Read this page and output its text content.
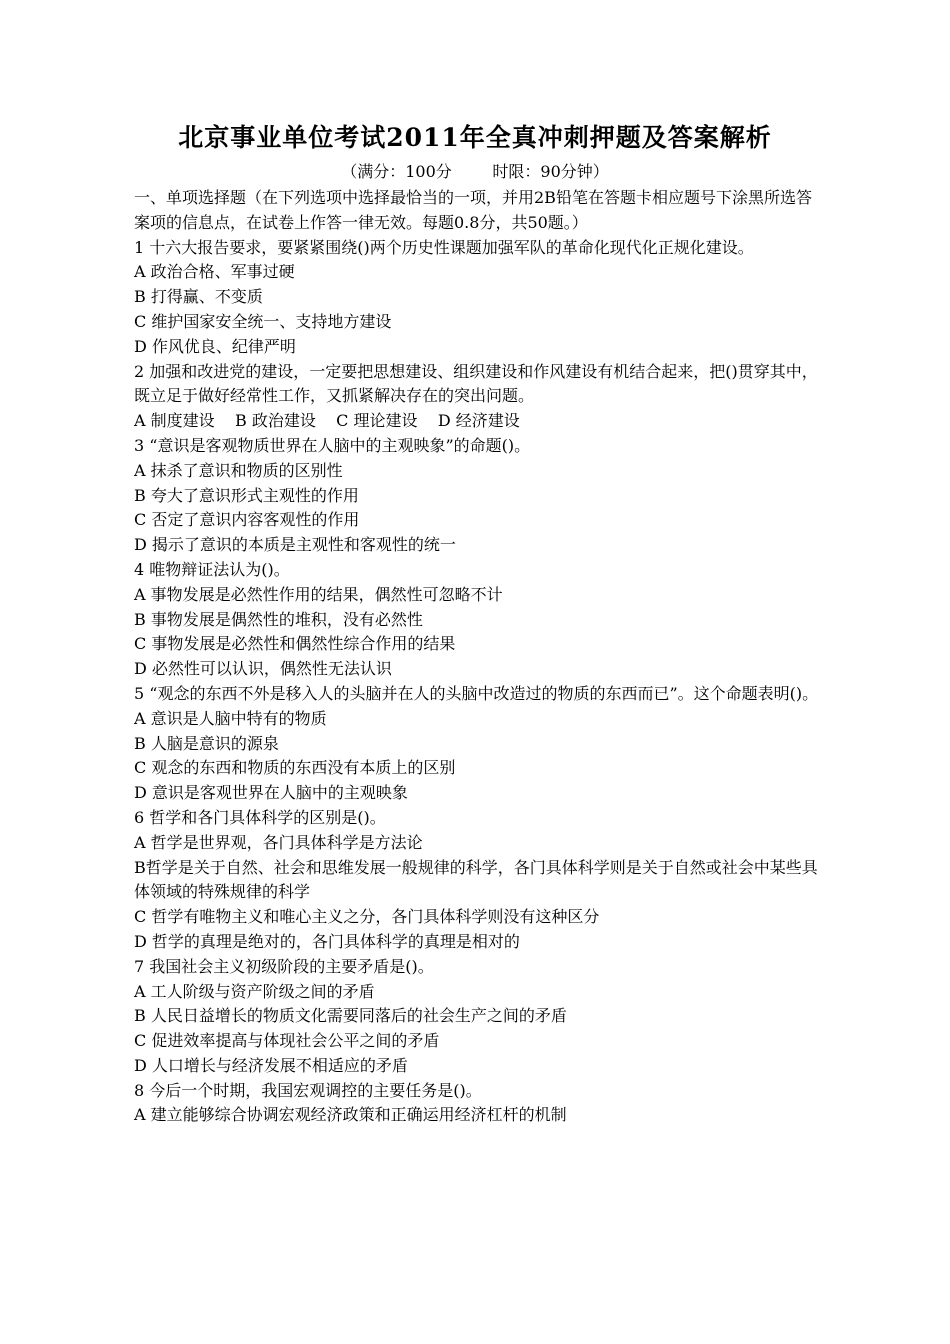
北京事业单位考试2011年全真冲刺押题及答案解析
（满分：100分        时限：90分钟）
一、单项选择题（在下列选项中选择最恰当的一项，并用2B铅笔在答题卡相应题号下涂黑所选答案项的信息点，在试卷上作答一律无效。每题0.8分，共50题。）
1 十六大报告要求，要紧紧围绕()两个历史性课题加强军队的革命化现代化正规化建设。
A 政治合格、军事过硬
B 打得赢、不变质
C 维护国家安全统一、支持地方建设
D 作风优良、纪律严明
2 加强和改进党的建设，一定要把思想建设、组织建设和作风建设有机结合起来，把()贯穿其中，既立足于做好经常性工作，又抓紧解决存在的突出问题。
A 制度建设    B 政治建设    C 理论建设    D 经济建设
3 “意识是客观物质世界在人脑中的主观映象”的命题()。
A 抹杀了意识和物质的区别性
B 夸大了意识形式主观性的作用
C 否定了意识内容客观性的作用
D 揭示了意识的本质是主观性和客观性的统一
4 唯物辩证法认为()。
A 事物发展是必然性作用的结果，偶然性可忽略不计
B 事物发展是偶然性的堆积，没有必然性
C 事物发展是必然性和偶然性综合作用的结果
D 必然性可以认识，偶然性无法认识
5 “观念的东西不外是移入人的头脑并在人的头脑中改造过的物质的东西而已”。这个命题表明()。
A 意识是人脑中特有的物质
B 人脑是意识的源泉
C 观念的东西和物质的东西没有本质上的区别
D 意识是客观世界在人脑中的主观映象
6 哲学和各门具体科学的区别是()。
A 哲学是世界观，各门具体科学是方法论
B哲学是关于自然、社会和思维发展一般规律的科学，各门具体科学则是关于自然或社会中某些具体领域的特殊规律的科学
C 哲学有唯物主义和唯心主义之分，各门具体科学则没有这种区分
D 哲学的真理是绝对的，各门具体科学的真理是相对的
7 我国社会主义初级阶段的主要矛盾是()。
A 工人阶级与资产阶级之间的矛盾
B 人民日益增长的物质文化需要同落后的社会生产之间的矛盾
C 促进效率提高与体现社会公平之间的矛盾
D 人口增长与经济发展不相适应的矛盾
8 今后一个时期，我国宏观调控的主要任务是()。
A 建立能够综合协调宏观经济政策和正确运用经济杠杆的机制
